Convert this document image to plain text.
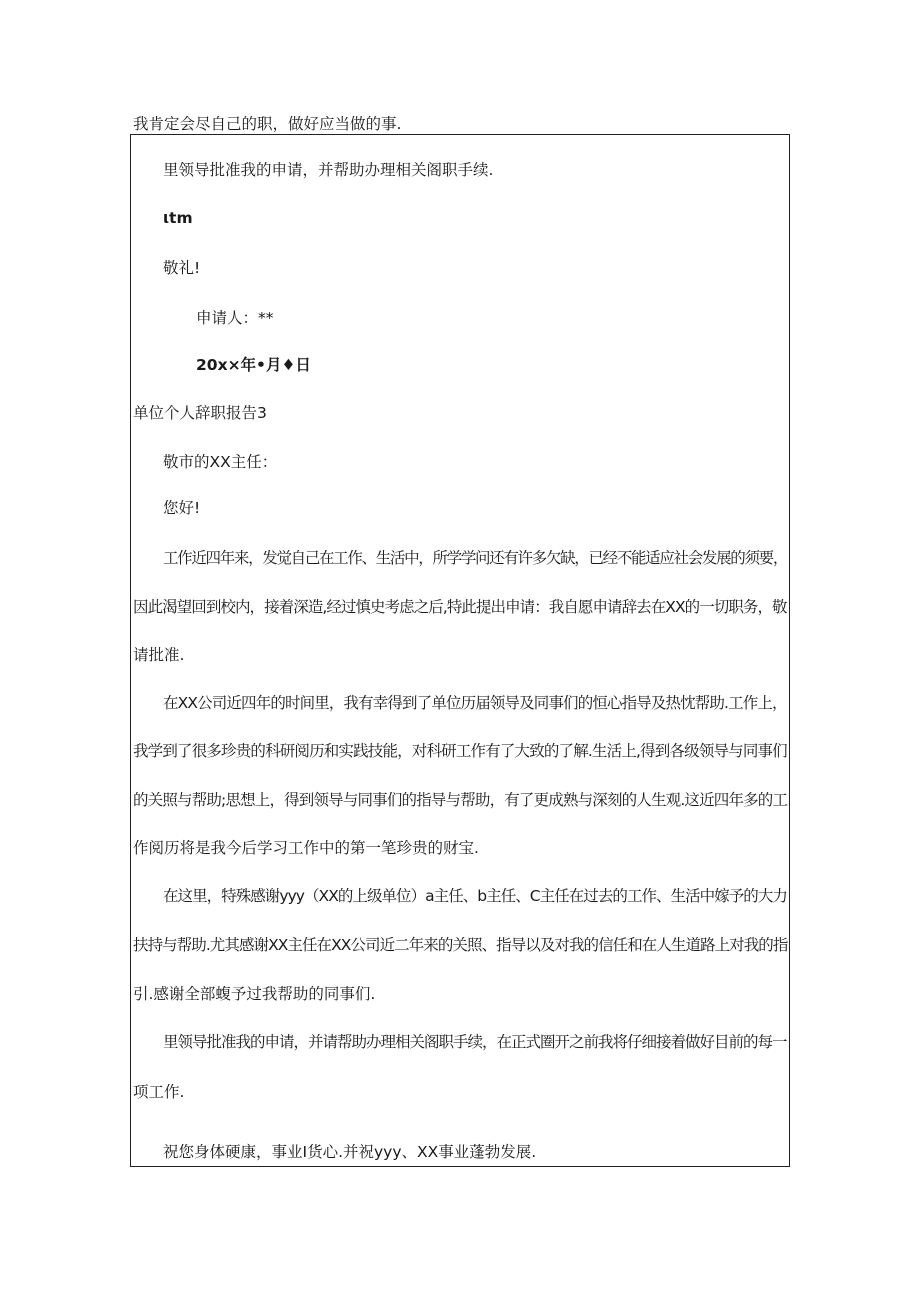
我肯定会尽自己的职，做好应当做的事.
里领导批准我的申请，并帮助办理相关阁职手续.
ιtm
敬礼!
申请人：**
20x×年•月♦日
单位个人辞职报告3
敬市的XX主任：
您好!
工作近四年来，发觉自己在工作、生活中，所学学问还有许多欠缺，已经不能适应社会发展的须要，
因此渴望回到校内，接着深造,经过慎史考虑之后,特此提出申请：我自愿申请辞去在XX的一切职务，敬
请批准.
在XX公司近四年的时间里，我有幸得到了单位历届领导及同事们的恒心指导及热忱帮助.工作上，
我学到了很多珍贵的科研阅历和实践技能，对科研工作有了大致的了解.生活上,得到各级领导与同事们
的关照与帮助;思想上，得到领导与同事们的指导与帮助，有了更成熟与深刻的人生观.这近四年多的工
作阅历将是我今后学习工作中的第一笔珍贵的财宝.
在这里，特殊感谢yyy（XX的上级单位）a主任、b主任、C主任在过去的工作、生活中嫁予的大力
扶持与帮助.尤其感谢XX主任在XX公司近二年来的关照、指导以及对我的信任和在人生道路上对我的指
引.感谢全部蝮予过我帮助的同事们.
里领导批准我的申请，并请帮助办理相关阁职手续，在正式圈开之前我将仔细接着做好目前的每一
项工作.
祝您身体硬康，事业I货心.并祝yyy、XX事业蓬勃发展.
